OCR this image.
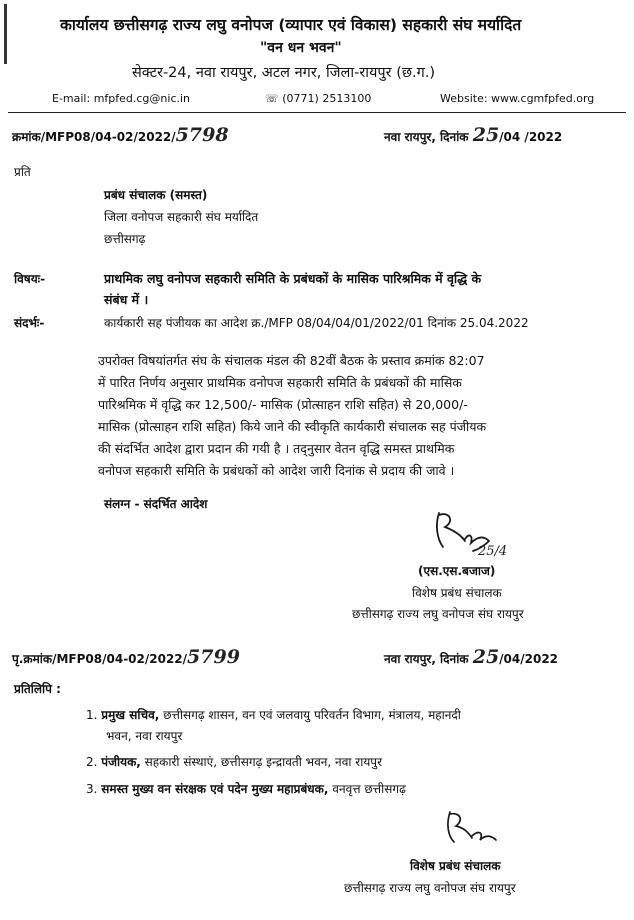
कार्यालय छत्तीसगढ़ राज्य लघु वनोपज (व्यापार एवं विकास) सहकारी संघ मर्यादित
"वन धन भवन"
सेक्टर-24, नवा रायपुर, अटल नगर, जिला-रायपुर (छ.ग.)
E-mail: mfpfed.cg@nic.in	☏ (0771) 2513100	Website: www.cgmfpfed.org
क्रमांक/MFP08/04-02/2022/5798	नवा रायपुर, दिनांक 25/04 /2022
प्रति
प्रबंध संचालक (समस्त)
जिला वनोपज सहकारी संघ मर्यादित
छत्तीसगढ़
विषयः-	प्राथमिक लघु वनोपज सहकारी समिति के प्रबंधकों के मासिक पारिश्रमिक में वृद्धि के
संबंध में ।
संदर्भः-	कार्यकारी सह पंजीयक का आदेश क्र./MFP 08/04/04/01/2022/01 दिनांक 25.04.2022
उपरोक्त विषयांतर्गत संघ के संचालक मंडल की 82वीं बैठक के प्रस्ताव क्रमांक 82:07
में पारित निर्णय अनुसार प्राथमिक वनोपज सहकारी समिति के प्रबंधकों की मासिक
पारिश्रमिक में वृद्धि कर 12,500/- मासिक (प्रोत्साहन राशि सहित) से 20,000/-
मासिक (प्रोत्साहन राशि सहित) किये जाने की स्वीकृति कार्यकारी संचालक सह पंजीयक
की संदर्भित आदेश द्वारा प्रदान की गयी है । तद्नुसार वेतन वृद्धि समस्त प्राथमिक
वनोपज सहकारी समिति के प्रबंधकों को आदेश जारी दिनांक से प्रदाय की जावे ।
संलग्न - संदर्भित आदेश
25/4
(एस.एस.बजाज)
विशेष प्रबंध संचालक
छत्तीसगढ़ राज्य लघु वनोपज संघ रायपुर
पृ.क्रमांक/MFP08/04-02/2022/5799	नवा रायपुर, दिनांक 25/04/2022
प्रतिलिपि :
1. प्रमुख सचिव, छत्तीसगढ़ शासन, वन एवं जलवायु परिवर्तन विभाग, मंत्रालय, महानदी
भवन, नवा रायपुर
2. पंजीयक, सहकारी संस्थाएं, छत्तीसगढ़ इन्द्रावती भवन, नवा रायपुर
3. समस्त मुख्य वन संरक्षक एवं पदेन मुख्य महाप्रबंधक, वनवृत्त छत्तीसगढ़
विशेष प्रबंध संचालक
छत्तीसगढ़ राज्य लघु वनोपज संघ रायपुर
